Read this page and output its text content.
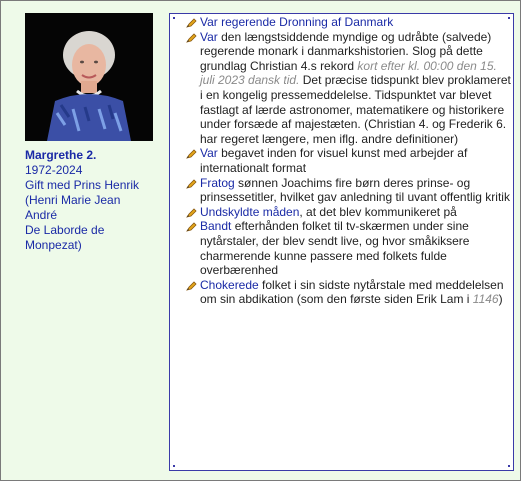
Margrethe 2.
1972-2024
Gift med Prins Henrik
(Henri Marie Jean
André
De Laborde de
Monpezat)
Var regerende Dronning af Danmark
Var den længstsiddende myndige og udråbte (salvede) regerende monark i danmarkshistorien. Slog på dette grundlag Christian 4.s rekord kort efter kl. 00:00 den 15. juli 2023 dansk tid. Det præcise tidspunkt blev proklameret i en kongelig pressemeddelelse. Tidspunktet var blevet fastlagt af lærde astronomer, matematikere og historikere under forsæde af majestæten. (Christian 4. og Frederik 6. har regeret længere, men iflg. andre definitioner)
Var begavet inden for visuel kunst med arbejder af internationalt format
Fratog sønnen Joachims fire børn deres prinse- og prinsessetitler, hvilket gav anledning til uvant offentlig kritik
Undskyldte måden, at det blev kommunikeret på
Bandt efterhånden folket til tv-skærmen under sine nytårstaler, der blev sendt live, og hvor småkiksere charmerende kunne passere med folkets fulde overbærenhed
Chokerede folket i sin sidste nytårstale med meddelelsen om sin abdikation (som den første siden Erik Lam i 1146)
